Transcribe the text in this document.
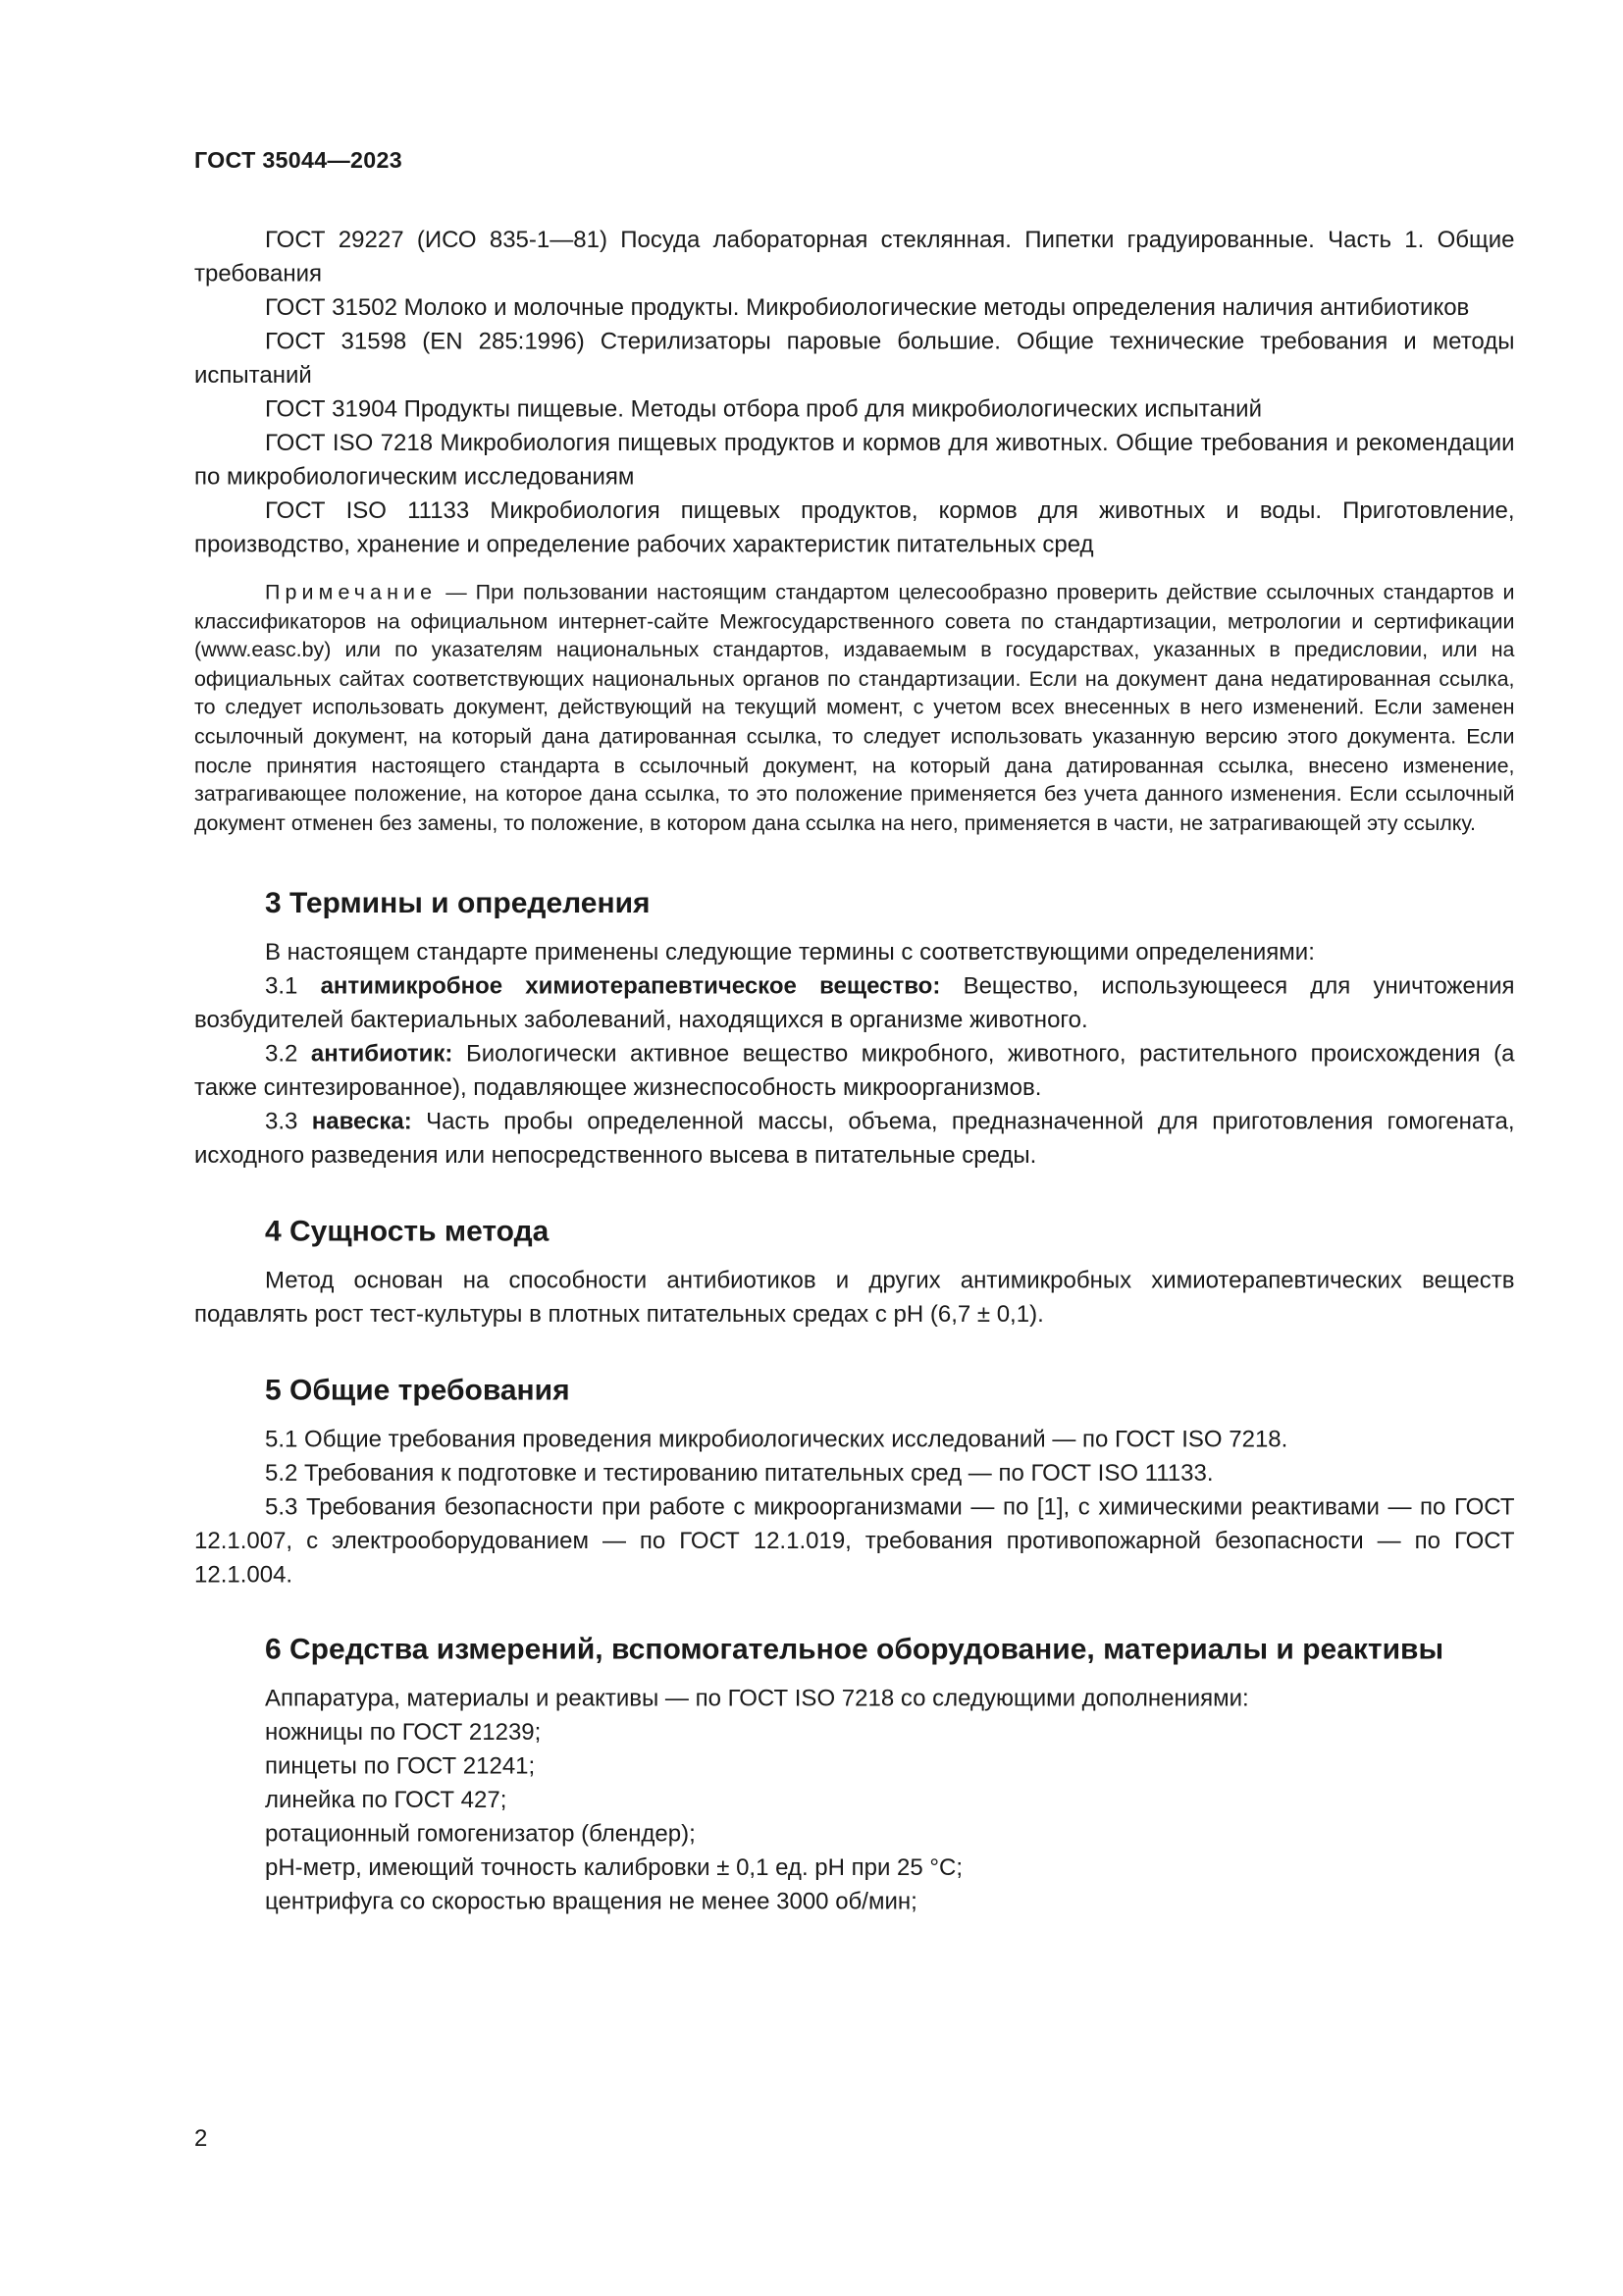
ГОСТ 35044—2023

ГОСТ 29227 (ИСО 835-1—81) Посуда лабораторная стеклянная. Пипетки градуированные. Часть 1. Общие требования

ГОСТ 31502 Молоко и молочные продукты. Микробиологические методы определения наличия антибиотиков

ГОСТ 31598 (EN 285:1996) Стерилизаторы паровые большие. Общие технические требования и методы испытаний

ГОСТ 31904 Продукты пищевые. Методы отбора проб для микробиологических испытаний

ГОСТ ISO 7218 Микробиология пищевых продуктов и кормов для животных. Общие требования и рекомендации по микробиологическим исследованиям

ГОСТ ISO 11133 Микробиология пищевых продуктов, кормов для животных и воды. Приготовление, производство, хранение и определение рабочих характеристик питательных сред

Примечание — При пользовании настоящим стандартом целесообразно проверить действие ссылочных стандартов и классификаторов на официальном интернет-сайте Межгосударственного совета по стандартизации, метрологии и сертификации (www.easc.by) или по указателям национальных стандартов, издаваемым в государствах, указанных в предисловии, или на официальных сайтах соответствующих национальных органов по стандартизации. Если на документ дана недатированная ссылка, то следует использовать документ, действующий на текущий момент, с учетом всех внесенных в него изменений. Если заменен ссылочный документ, на который дана датированная ссылка, то следует использовать указанную версию этого документа. Если после принятия настоящего стандарта в ссылочный документ, на который дана датированная ссылка, внесено изменение, затрагивающее положение, на которое дана ссылка, то это положение применяется без учета данного изменения. Если ссылочный документ отменен без замены, то положение, в котором дана ссылка на него, применяется в части, не затрагивающей эту ссылку.

3 Термины и определения

В настоящем стандарте применены следующие термины с соответствующими определениями:

3.1 антимикробное химиотерапевтическое вещество: Вещество, использующееся для уничтожения возбудителей бактериальных заболеваний, находящихся в организме животного.

3.2 антибиотик: Биологически активное вещество микробного, животного, растительного происхождения (а также синтезированное), подавляющее жизнеспособность микроорганизмов.

3.3 навеска: Часть пробы определенной массы, объема, предназначенной для приготовления гомогената, исходного разведения или непосредственного высева в питательные среды.

4 Сущность метода

Метод основан на способности антибиотиков и других антимикробных химиотерапевтических веществ подавлять рост тест-культуры в плотных питательных средах с pH (6,7 ± 0,1).

5 Общие требования

5.1 Общие требования проведения микробиологических исследований — по ГОСТ ISO 7218.

5.2 Требования к подготовке и тестированию питательных сред — по ГОСТ ISO 11133.

5.3 Требования безопасности при работе с микроорганизмами — по [1], с химическими реактивами — по ГОСТ 12.1.007, с электрооборудованием — по ГОСТ 12.1.019, требования противопожарной безопасности — по ГОСТ 12.1.004.

6 Средства измерений, вспомогательное оборудование, материалы и реактивы

Аппаратура, материалы и реактивы — по ГОСТ ISO 7218 со следующими дополнениями:

ножницы по ГОСТ 21239;

пинцеты по ГОСТ 21241;

линейка по ГОСТ 427;

ротационный гомогенизатор (блендер);

pH-метр, имеющий точность калибровки ± 0,1 ед. pH при 25 °С;

центрифуга со скоростью вращения не менее 3000 об/мин;

2
